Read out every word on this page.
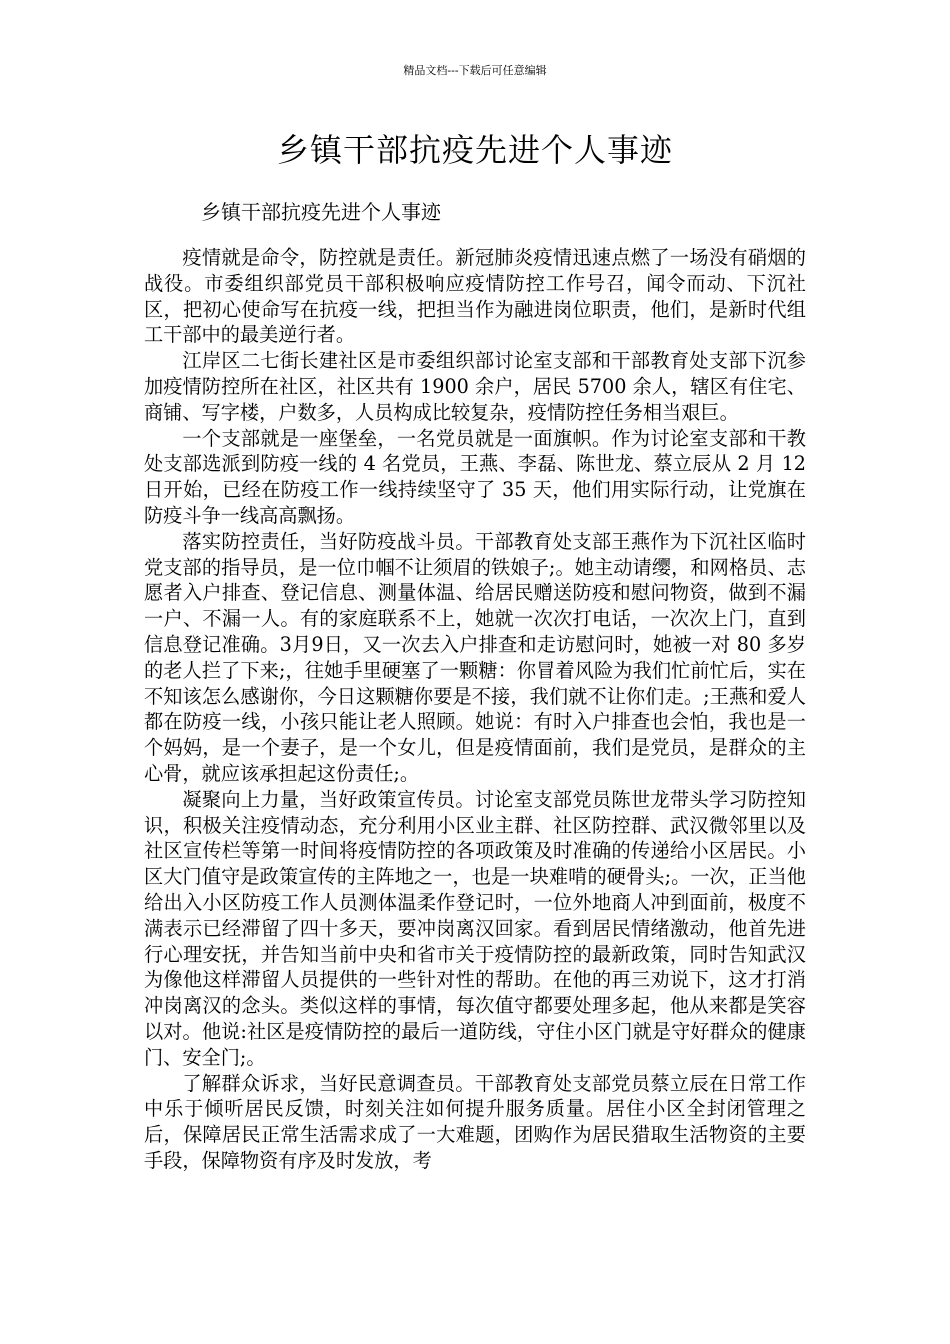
精品文档---下载后可任意编辑
乡镇干部抗疫先进个人事迹
乡镇干部抗疫先进个人事迹

疫情就是命令，防控就是责任。新冠肺炎疫情迅速点燃了一场没有硝烟的战役。市委组织部党员干部积极响应疫情防控工作号召，闻令而动、下沉社区，把初心使命写在抗疫一线，把担当作为融进岗位职责，他们，是新时代组工干部中的最美逆行者。

江岸区二七街长建社区是市委组织部讨论室支部和干部教育处支部下沉参加疫情防控所在社区，社区共有 1900 余户，居民 5700 余人，辖区有住宅、商铺、写字楼，户数多，人员构成比较复杂，疫情防控任务相当艰巨。

一个支部就是一座堡垒，一名党员就是一面旗帜。作为讨论室支部和干教处支部选派到防疫一线的 4 名党员，王燕、李磊、陈世龙、蔡立辰从 2 月 12 日开始，已经在防疫工作一线持续坚守了 35 天，他们用实际行动，让党旗在防疫斗争一线高高飘扬。

落实防控责任，当好防疫战斗员。干部教育处支部王燕作为下沉社区临时党支部的指导员，是一位巾帼不让须眉的铁娘子;。她主动请缨，和网格员、志愿者入户排查、登记信息、测量体温、给居民赠送防疫和慰问物资，做到不漏一户、不漏一人。有的家庭联系不上，她就一次次打电话，一次次上门，直到信息登记准确。3月9日，又一次去入户排查和走访慰问时，她被一对 80 多岁的老人拦了下来;，往她手里硬塞了一颗糖：你冒着风险为我们忙前忙后，实在不知该怎么感谢你，今日这颗糖你要是不接，我们就不让你们走。;王燕和爱人都在防疫一线，小孩只能让老人照顾。她说：有时入户排查也会怕，我也是一个妈妈，是一个妻子，是一个女儿，但是疫情面前，我们是党员，是群众的主心骨，就应该承担起这份责任;。

凝聚向上力量，当好政策宣传员。讨论室支部党员陈世龙带头学习防控知识，积极关注疫情动态，充分利用小区业主群、社区防控群、武汉微邻里以及社区宣传栏等第一时间将疫情防控的各项政策及时准确的传递给小区居民。小区大门值守是政策宣传的主阵地之一，也是一块难啃的硬骨头;。一次，正当他给出入小区防疫工作人员测体温柔作登记时，一位外地商人冲到面前，极度不满表示已经滞留了四十多天，要冲岗离汉回家。看到居民情绪激动，他首先进行心理安抚，并告知当前中央和省市关于疫情防控的最新政策，同时告知武汉为像他这样滞留人员提供的一些针对性的帮助。在他的再三劝说下，这才打消冲岗离汉的念头。类似这样的事情，每次值守都要处理多起，他从来都是笑容以对。他说:社区是疫情防控的最后一道防线，守住小区门就是守好群众的健康门、安全门;。

了解群众诉求，当好民意调查员。干部教育处支部党员蔡立辰在日常工作中乐于倾听居民反馈，时刻关注如何提升服务质量。居住小区全封闭管理之后，保障居民正常生活需求成了一大难题，团购作为居民猎取生活物资的主要手段，保障物资有序及时发放，考
